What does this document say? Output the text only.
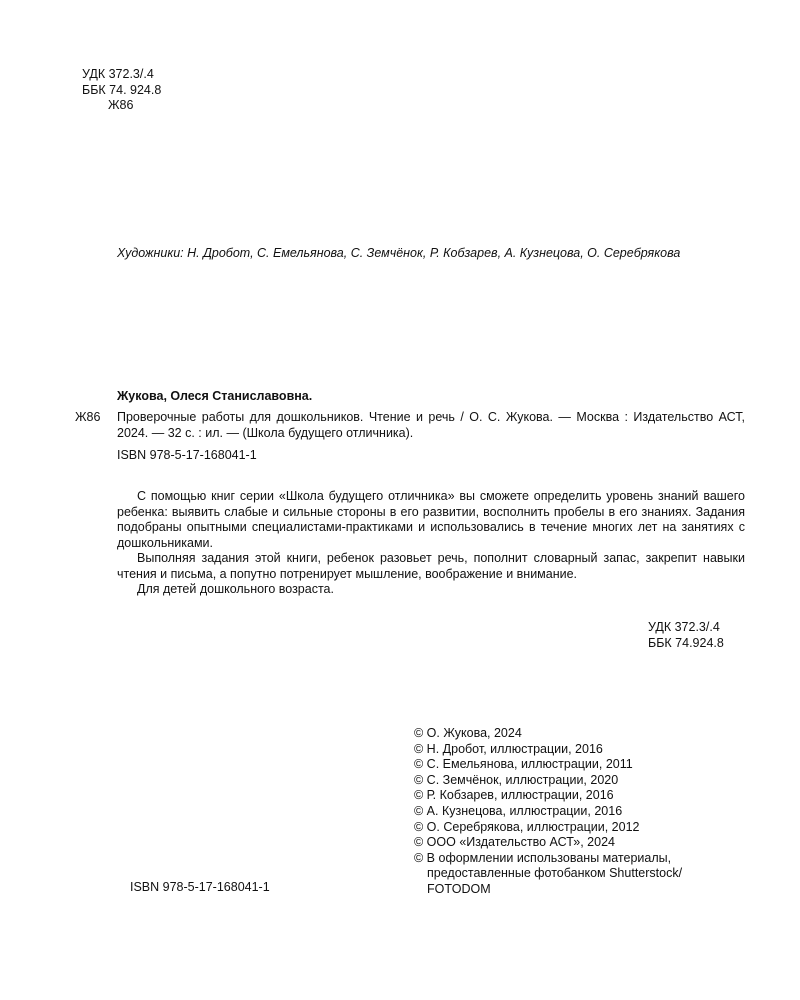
УДК 372.3/.4
ББК 74. 924.8
Ж86
Художники: Н. Дробот, С. Емельянова, С. Земчёнок, Р. Кобзарев, А. Кузнецова, О. Серебрякова
Жукова, Олеся Станиславовна.
Ж86 Проверочные работы для дошкольников. Чтение и речь / О. С. Жукова. — Москва : Издательство АСТ, 2024. — 32 с. : ил. — (Школа будущего отличника).
ISBN 978-5-17-168041-1

С помощью книг серии «Школа будущего отличника» вы сможете определить уровень знаний вашего ребенка: выявить слабые и сильные стороны в его развитии, восполнить пробелы в его знаниях. Задания подобраны опытными специалистами-практиками и использовались в течение многих лет на занятиях с дошкольниками.

Выполняя задания этой книги, ребенок разовьет речь, пополнит словарный запас, закрепит навыки чтения и письма, а попутно потренирует мышление, воображение и внимание.

Для детей дошкольного возраста.

УДК 372.3/.4
ББК 74.924.8
© О. Жукова, 2024
© Н. Дробот, иллюстрации, 2016
© С. Емельянова, иллюстрации, 2011
© С. Земчёнок, иллюстрации, 2020
© Р. Кобзарев, иллюстрации, 2016
© А. Кузнецова, иллюстрации, 2016
© О. Серебрякова, иллюстрации, 2012
© ООО «Издательство АСТ», 2024
© В оформлении использованы материалы,
предоставленные фотобанком Shutterstock/
FOTODOM
ISBN 978-5-17-168041-1
